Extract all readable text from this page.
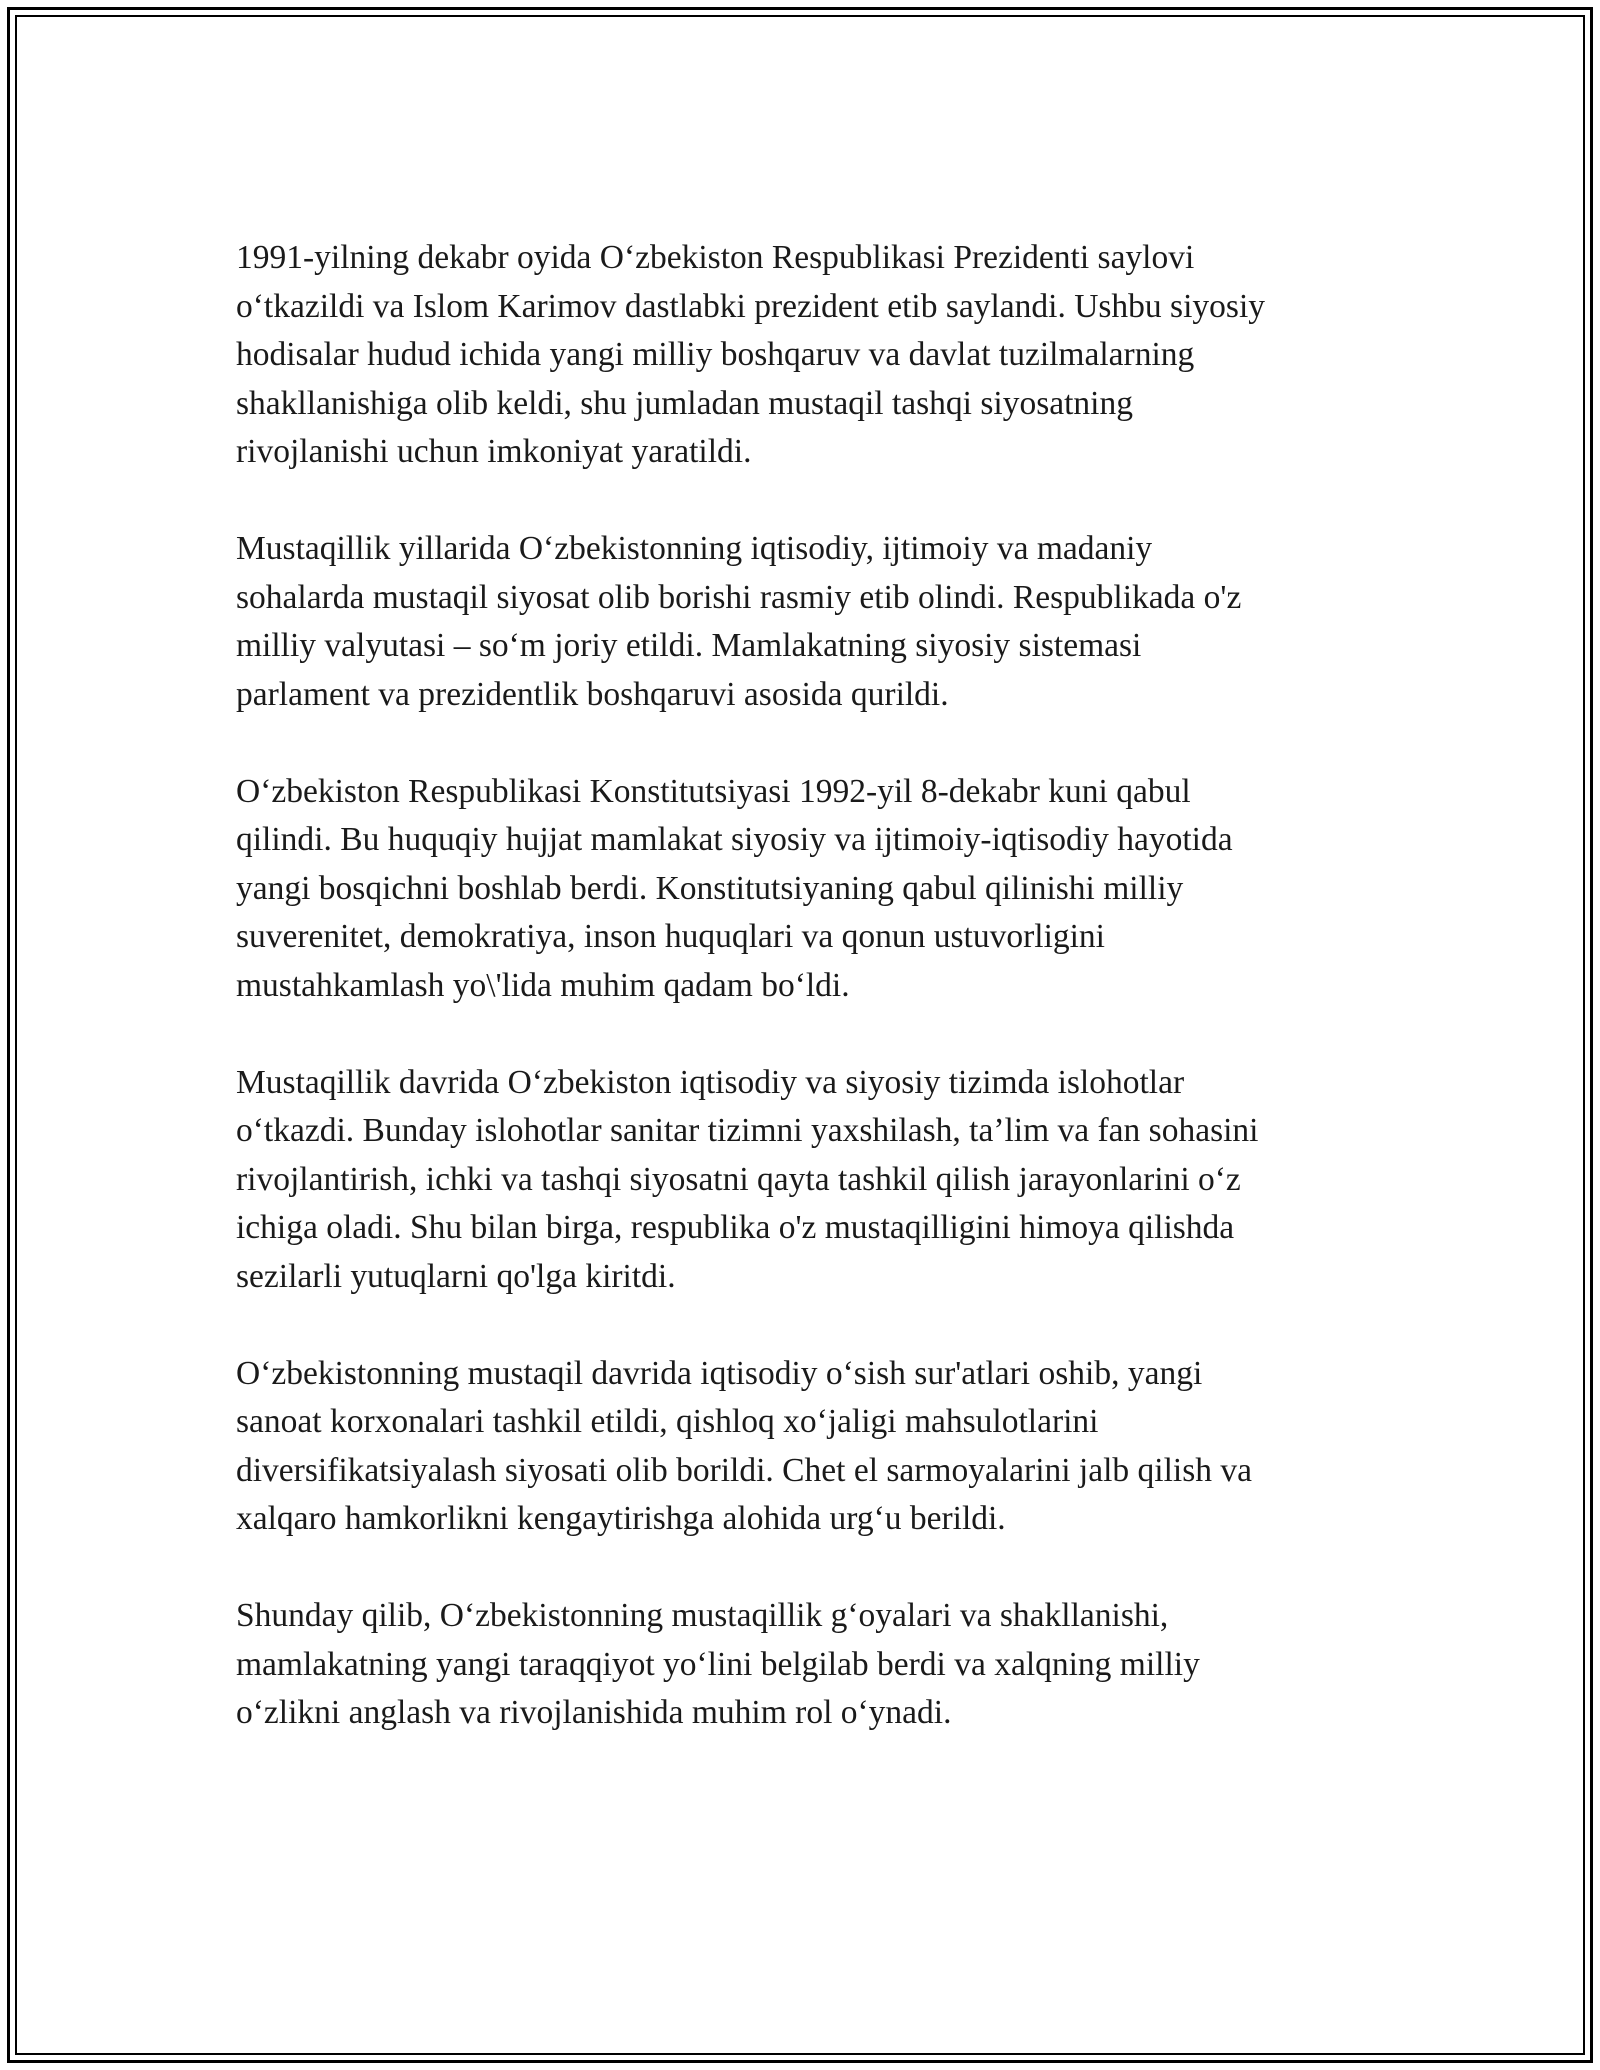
1991-yilning dekabr oyida O‘zbekiston Respublikasi Prezidenti saylovi
o‘tkazildi va Islom Karimov dastlabki prezident etib saylandi. Ushbu siyosiy
hodisalar hudud ichida yangi milliy boshqaruv va davlat tuzilmalarning
shakllanishiga olib keldi, shu jumladan mustaqil tashqi siyosatning
rivojlanishi uchun imkoniyat yaratildi.

Mustaqillik yillarida O‘zbekistonning iqtisodiy, ijtimoiy va madaniy
sohalarda mustaqil siyosat olib borishi rasmiy etib olindi. Respublikada o'z
milliy valyutasi – so‘m joriy etildi. Mamlakatning siyosiy sistemasi
parlament va prezidentlik boshqaruvi asosida qurildi.

O‘zbekiston Respublikasi Konstitutsiyasi 1992-yil 8-dekabr kuni qabul
qilindi. Bu huquqiy hujjat mamlakat siyosiy va ijtimoiy-iqtisodiy hayotida
yangi bosqichni boshlab berdi. Konstitutsiyaning qabul qilinishi milliy
suverenitet, demokratiya, inson huquqlari va qonun ustuvorligini
mustahkamlash yo\'lida muhim qadam bo‘ldi.

Mustaqillik davrida O‘zbekiston iqtisodiy va siyosiy tizimda islohotlar
o‘tkazdi. Bunday islohotlar sanitar tizimni yaxshilash, ta’lim va fan sohasini
rivojlantirish, ichki va tashqi siyosatni qayta tashkil qilish jarayonlarini o‘z
ichiga oladi. Shu bilan birga, respublika o'z mustaqilligini himoya qilishda
sezilarli yutuqlarni qo'lga kiritdi.

O‘zbekistonning mustaqil davrida iqtisodiy o‘sish sur'atlari oshib, yangi
sanoat korxonalari tashkil etildi, qishloq xo‘jaligi mahsulotlarini
diversifikatsiyalash siyosati olib borildi. Chet el sarmoyalarini jalb qilish va
xalqaro hamkorlikni kengaytirishga alohida urg‘u berildi.

Shunday qilib, O‘zbekistonning mustaqillik g‘oyalari va shakllanishi,
mamlakatning yangi taraqqiyot yo‘lini belgilab berdi va xalqning milliy
o‘zlikni anglash va rivojlanishida muhim rol o‘ynadi.
